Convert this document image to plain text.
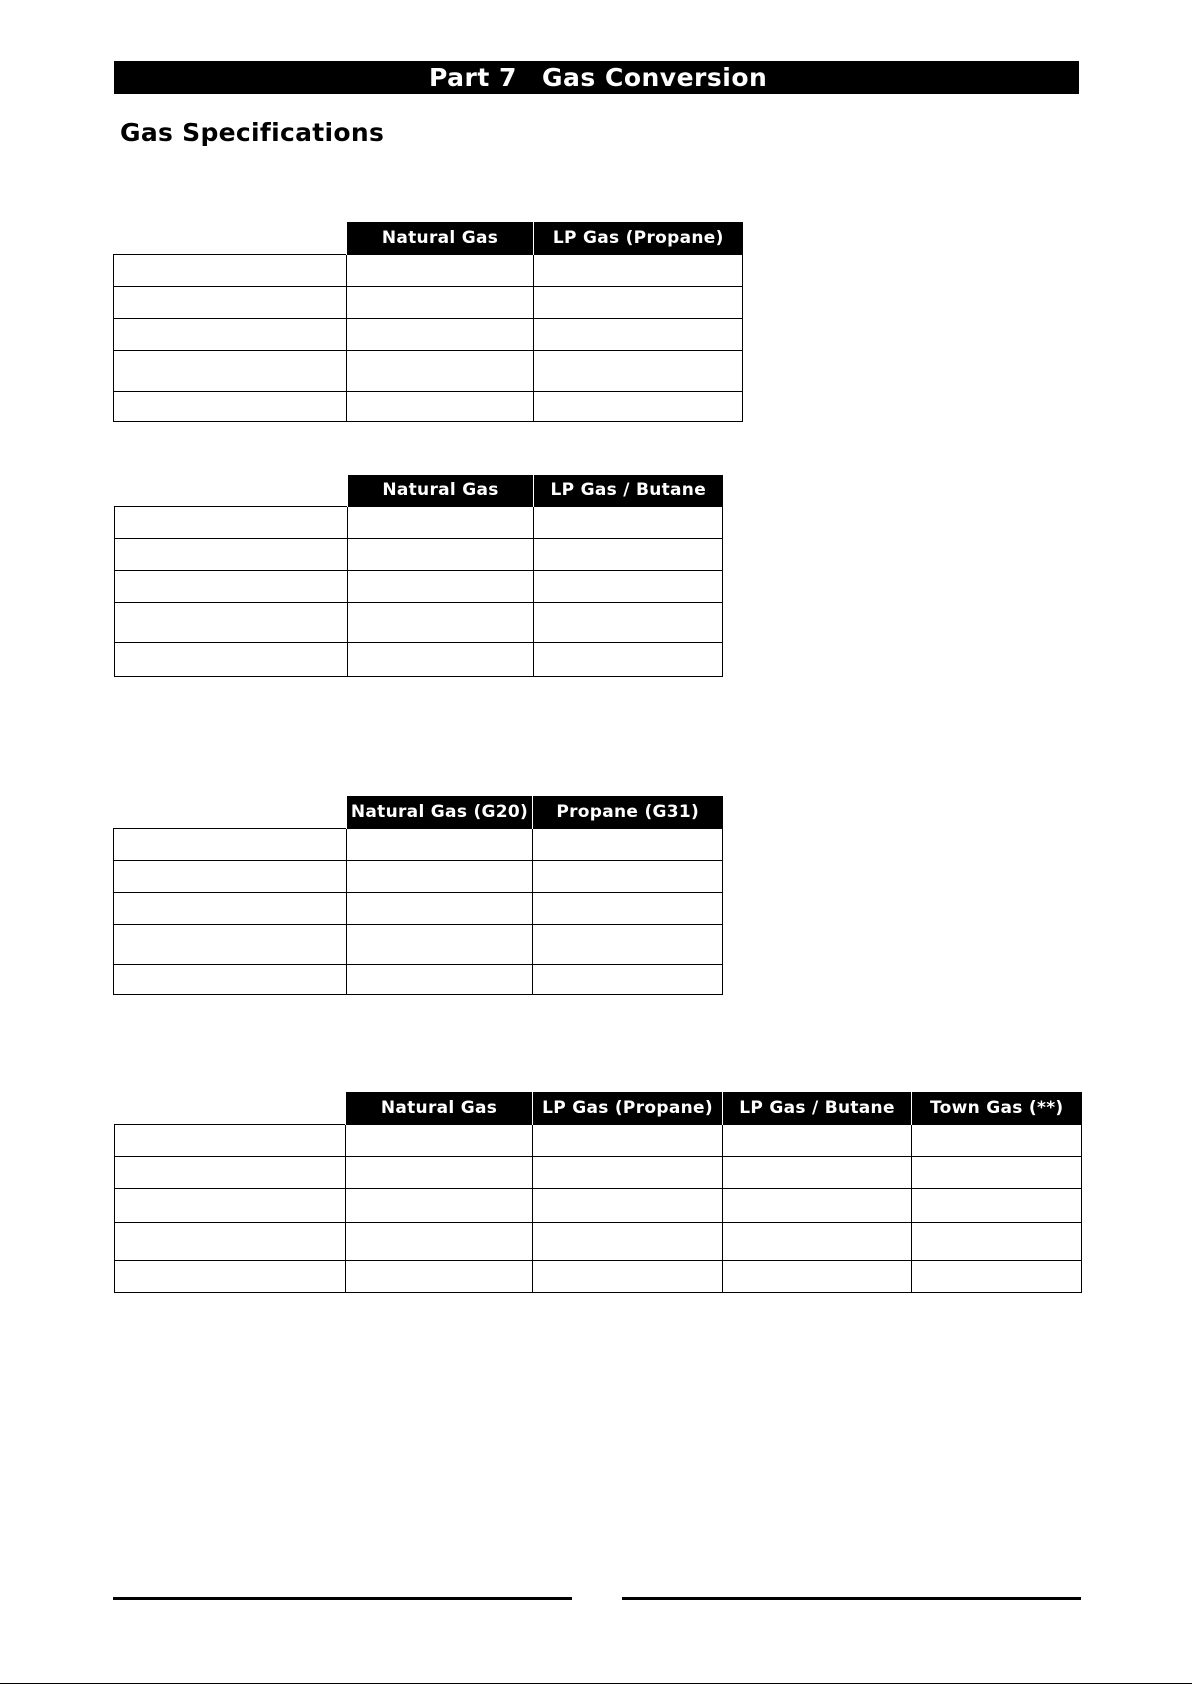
Part 7 Gas Conversion
Gas Specifications
	Natural Gas	LP Gas (Propane)

	Natural Gas	LP Gas / Butane

	Natural Gas (G20)	Propane (G31)

	Natural Gas	LP Gas (Propane)	LP Gas / Butane	Town Gas (**)
